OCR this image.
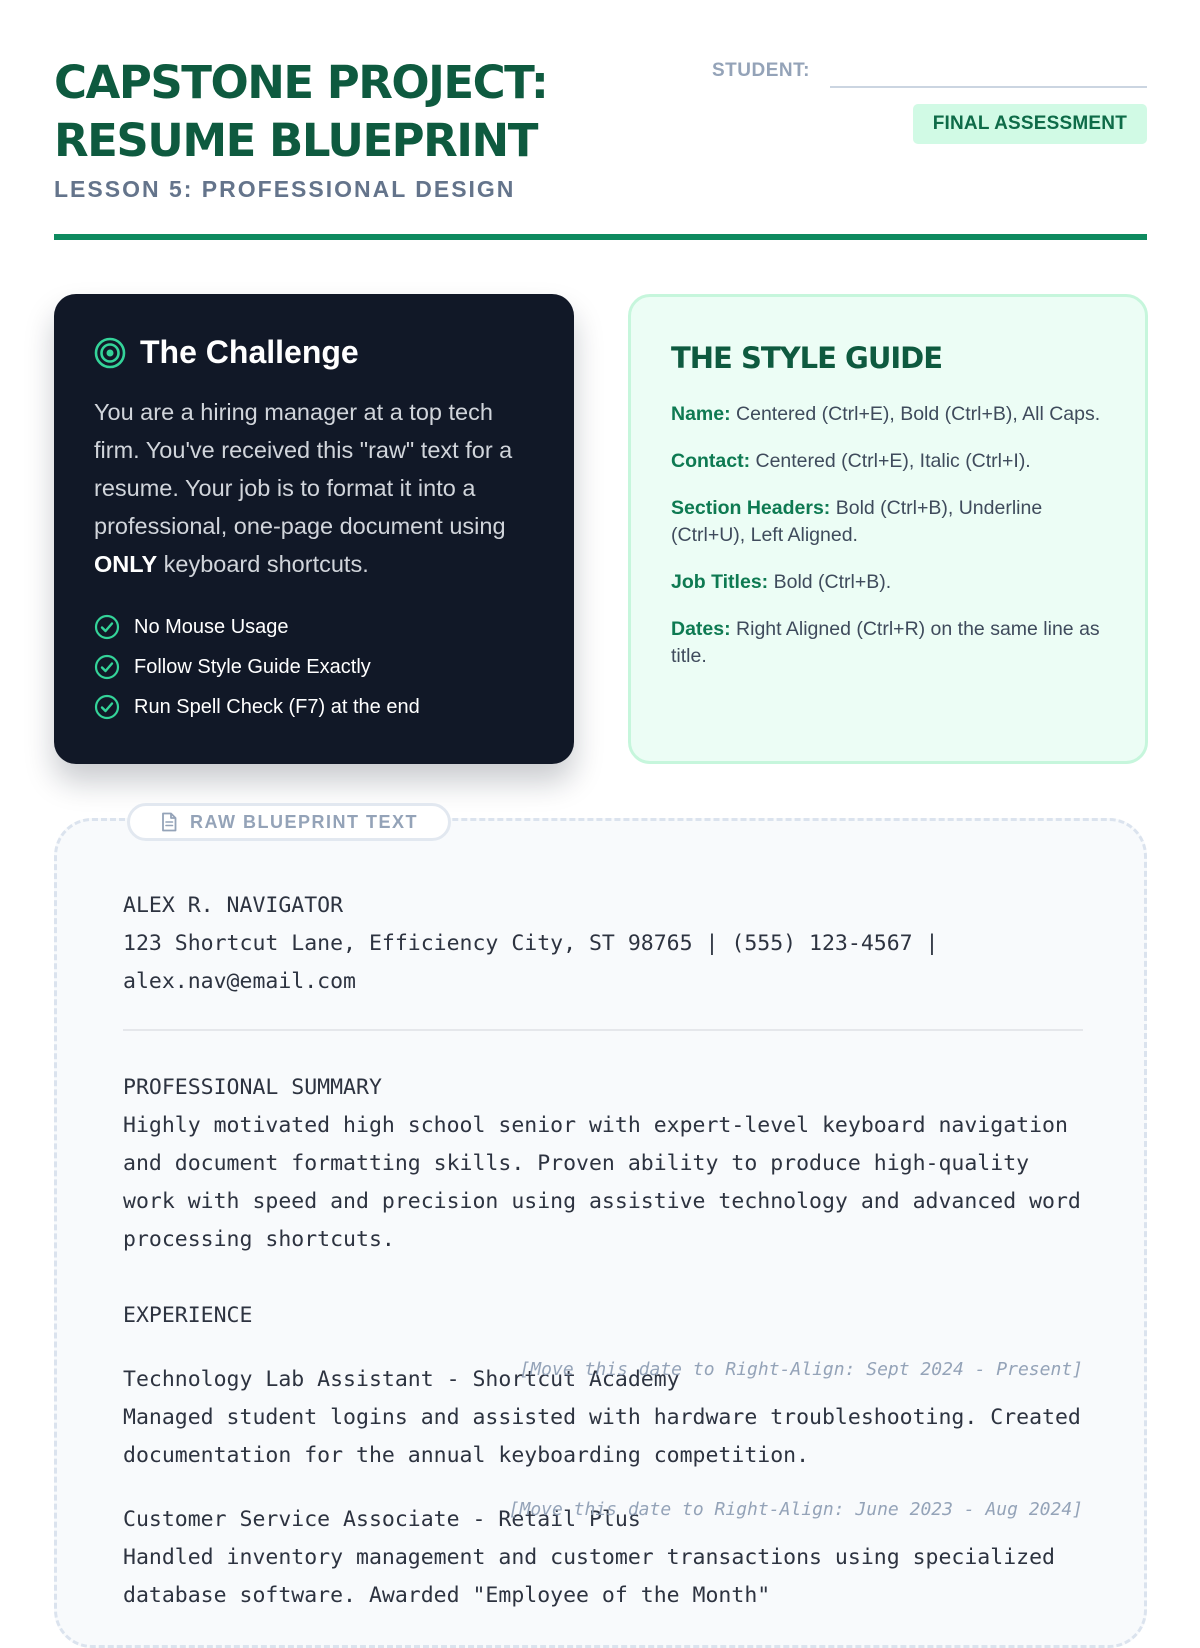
CAPSTONE PROJECT:
RESUME BLUEPRINT
LESSON 5: PROFESSIONAL DESIGN
STUDENT:
FINAL ASSESSMENT
The Challenge
You are a hiring manager at a top tech firm. You've received this "raw" text for a resume. Your job is to format it into a professional, one-page document using ONLY keyboard shortcuts.
No Mouse Usage
Follow Style Guide Exactly
Run Spell Check (F7) at the end
THE STYLE GUIDE
Name: Centered (Ctrl+E), Bold (Ctrl+B), All Caps.
Contact: Centered (Ctrl+E), Italic (Ctrl+I).
Section Headers: Bold (Ctrl+B), Underline (Ctrl+U), Left Aligned.
Job Titles: Bold (Ctrl+B).
Dates: Right Aligned (Ctrl+R) on the same line as title.
RAW BLUEPRINT TEXT
ALEX R. NAVIGATOR
123 Shortcut Lane, Efficiency City, ST 98765 | (555) 123-4567 | alex.nav@email.com
PROFESSIONAL SUMMARY
Highly motivated high school senior with expert-level keyboard navigation and document formatting skills. Proven ability to produce high-quality work with speed and precision using assistive technology and advanced word processing shortcuts.
EXPERIENCE
Technology Lab Assistant - Shortcut Academy
[Move this date to Right-Align: Sept 2024 - Present]
Managed student logins and assisted with hardware troubleshooting. Created documentation for the annual keyboarding competition.
Customer Service Associate - Retail Plus
[Move this date to Right-Align: June 2023 - Aug 2024]
Handled inventory management and customer transactions using specialized database software. Awarded "Employee of the Month"
